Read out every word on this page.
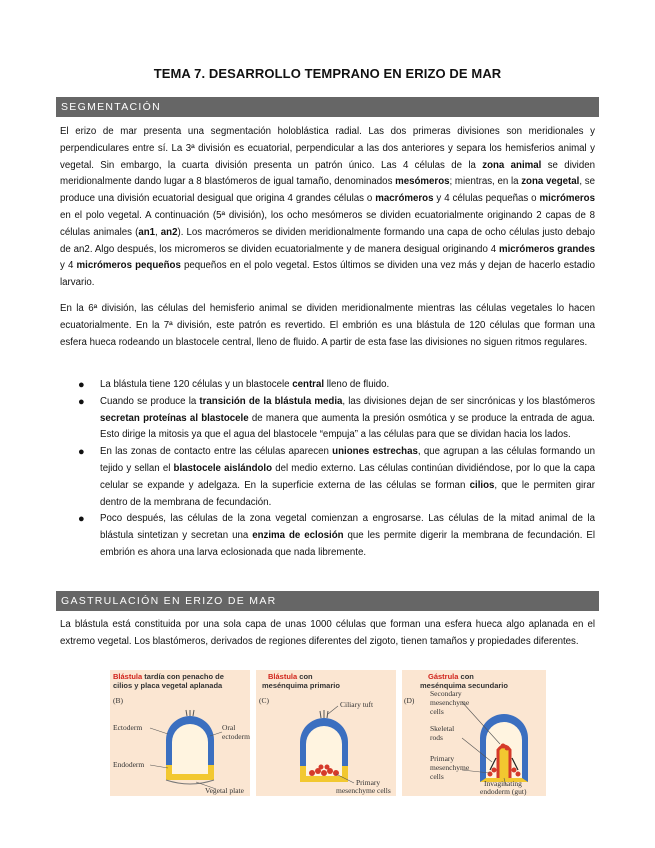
TEMA 7. DESARROLLO TEMPRANO EN ERIZO DE MAR
SEGMENTACIÓN

El erizo de mar presenta una segmentación holoblástica radial. Las dos primeras divisiones son meridionales y perpendiculares entre sí. La 3ª división es ecuatorial, perpendicular a las dos anteriores y separa los hemisferios animal y vegetal. Sin embargo, la cuarta división presenta un patrón único. Las 4 células de la zona animal se dividen meridionalmente dando lugar a 8 blastómeros de igual tamaño, denominados mesómeros; mientras, en la zona vegetal, se produce una división ecuatorial desigual que origina 4 grandes células o macrómeros y 4 células pequeñas o micrómeros en el polo vegetal. A continuación (5ª división), los ocho mesómeros se dividen ecuatorialmente originando 2 capas de 8 células animales (an1, an2). Los macrómeros se dividen meridionalmente formando una capa de ocho células justo debajo de an2. Algo después, los micromeros se dividen ecuatorialmente y de manera desigual originando 4 micrómeros grandes y 4 micrómeros pequeños pequeños en el polo vegetal. Estos últimos se dividen una vez más y dejan de hacerlo estadio larvario.

En la 6ª división, las células del hemisferio animal se dividen meridionalmente mientras las células vegetales lo hacen ecuatorialmente. En la 7ª división, este patrón es revertido. El embrión es una blástula de 120 células que forman una esfera hueca rodeando un blastocele central, lleno de fluido. A partir de esta fase las divisiones no siguen ritmos regulares.

● La blástula tiene 120 células y un blastocele central lleno de fluido.
● Cuando se produce la transición de la blástula media, las divisiones dejan de ser sincrónicas y los blastómeros secretan proteínas al blastocele de manera que aumenta la presión osmótica y se produce la entrada de agua. Esto dirige la mitosis ya que el agua del blastocele “empuja” a las células para que se dividan hacia los lados.
● En las zonas de contacto entre las células aparecen uniones estrechas, que agrupan a las células formando un tejido y sellan el blastocele aislándolo del medio externo. Las células continúan dividiéndose, por lo que la capa celular se expande y adelgaza. En la superficie externa de las células se forman cilios, que le permiten girar dentro de la membrana de fecundación.
● Poco después, las células de la zona vegetal comienzan a engrosarse. Las células de la mitad animal de la blástula sintetizan y secretan una enzima de eclosión que les permite digerir la membrana de fecundación. El embrión es ahora una larva eclosionada que nada libremente.
GASTRULACIÓN EN ERIZO DE MAR

La blástula está constituida por una sola capa de unas 1000 células que forman una esfera hueca algo aplanada en el extremo vegetal. Los blastómeros, derivados de regiones diferentes del zigoto, tienen tamaños y propiedades diferentes.

Blástula tardía con penacho de
cilios y placa vegetal aplanada
(B)
Ectoderm	Oral
ectoderm
Endoderm
Vegetal plate
Blástula con
mesénquima primario
(C)	Ciliary tuft
Primary
mesenchyme cells
Gástrula con
mesénquima secundario
(D)
Secondary
mesenchyme
cells
Skeletal
rods
Primary
mesenchyme
cells
Invaginating
endoderm (gut)
